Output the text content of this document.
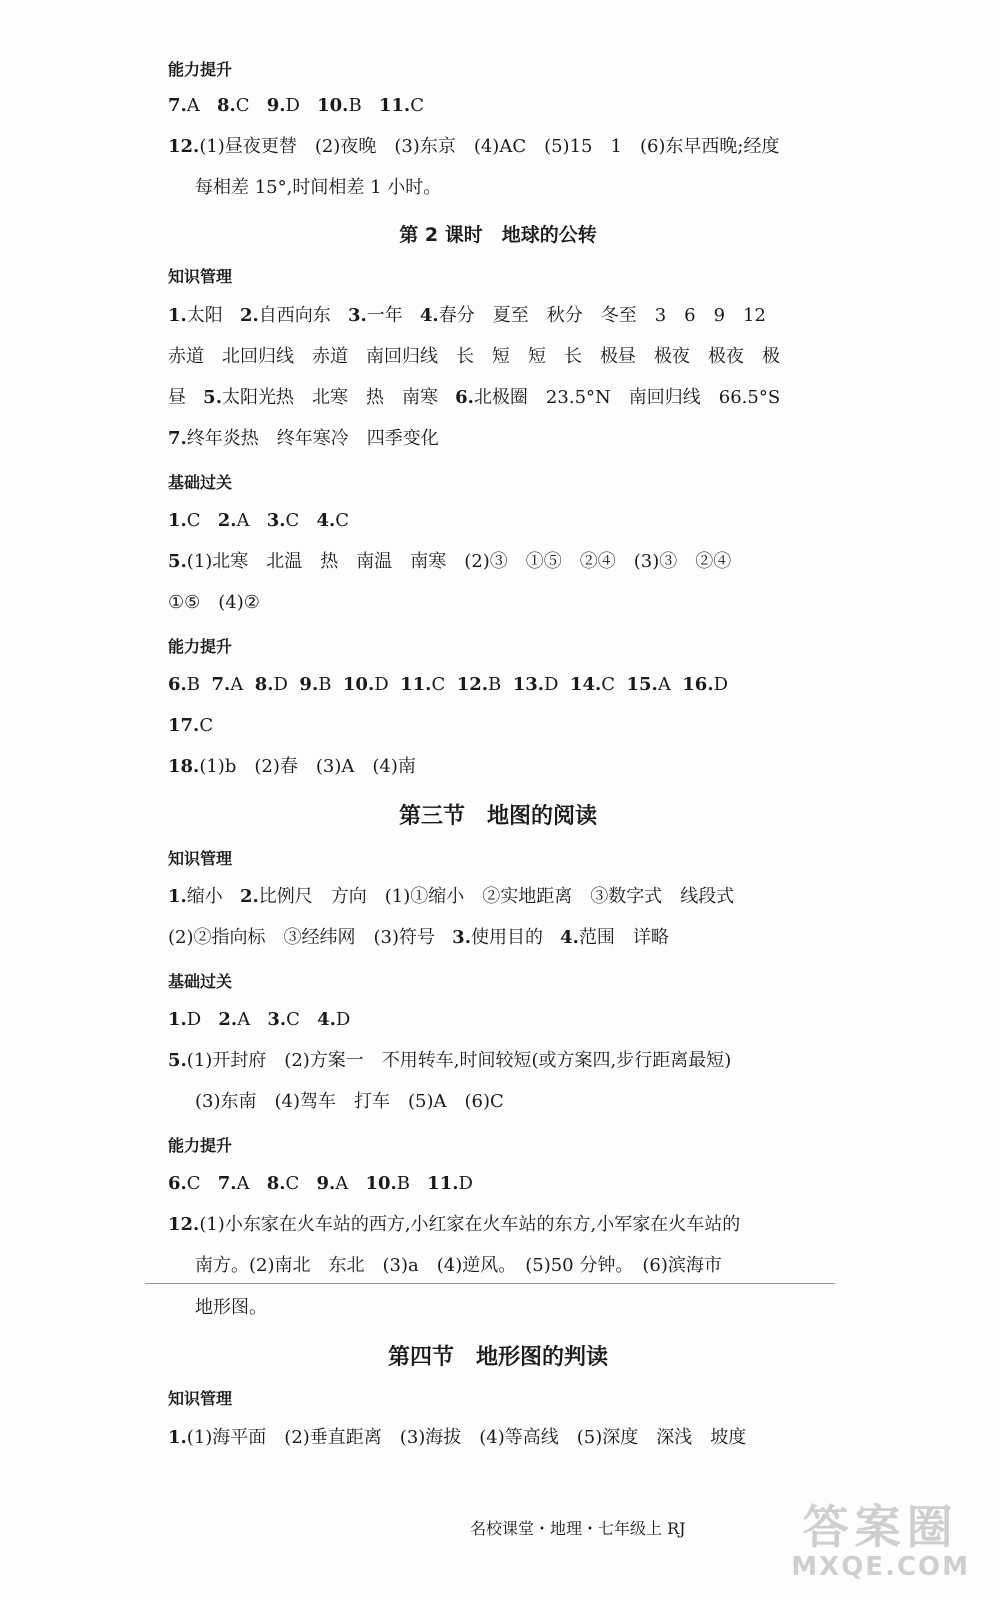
能力提升
7.A 8.C 9.D 10.B 11.C
12.(1)昼夜更替　(2)夜晚　(3)东京　(4)AC　(5)15　1　(6)东早西晚;经度
每相差 15°,时间相差 1 小时。
第 2 课时　地球的公转
知识管理
1.太阳 2.自西向东 3.一年 4.春分　夏至　秋分　冬至　3　6　9　12
赤道　北回归线　赤道　南回归线　长　短　短　长　极昼　极夜　极夜　极
昼 5.太阳光热　北寒　热　南寒 6.北极圈　23.5°N　南回归线　66.5°S
7.终年炎热　终年寒冷　四季变化
基础过关
1.C 2.A 3.C 4.C
5.(1)北寒　北温　热　南温　南寒　(2)③　①⑤　②④　(3)③　②④
①⑤　(4)②
能力提升
6.B 7.A 8.D 9.B 10.D 11.C 12.B 13.D 14.C 15.A 16.D
17.C
18.(1)b　(2)春　(3)A　(4)南
第三节　地图的阅读
知识管理
1.缩小 2.比例尺　方向　(1)①缩小　②实地距离　③数字式　线段式
(2)②指向标　③经纬网　(3)符号 3.使用目的 4.范围　详略
基础过关
1.D 2.A 3.C 4.D
5.(1)开封府　(2)方案一　不用转车,时间较短(或方案四,步行距离最短)
(3)东南　(4)驾车　打车　(5)A　(6)C
能力提升
6.C 7.A 8.C 9.A 10.B 11.D
12.(1)小东家在火车站的西方,小红家在火车站的东方,小军家在火车站的
南方。(2)南北　东北　(3)a　(4)逆风。　(5)50 分钟。　(6)滨海市
地形图。
第四节　地形图的判读
知识管理
1.(1)海平面　(2)垂直距离　(3)海拔　(4)等高线　(5)深度　深浅　坡度
名校课堂・地理・七年级上 RJ	答案圈
MXQE.COM
